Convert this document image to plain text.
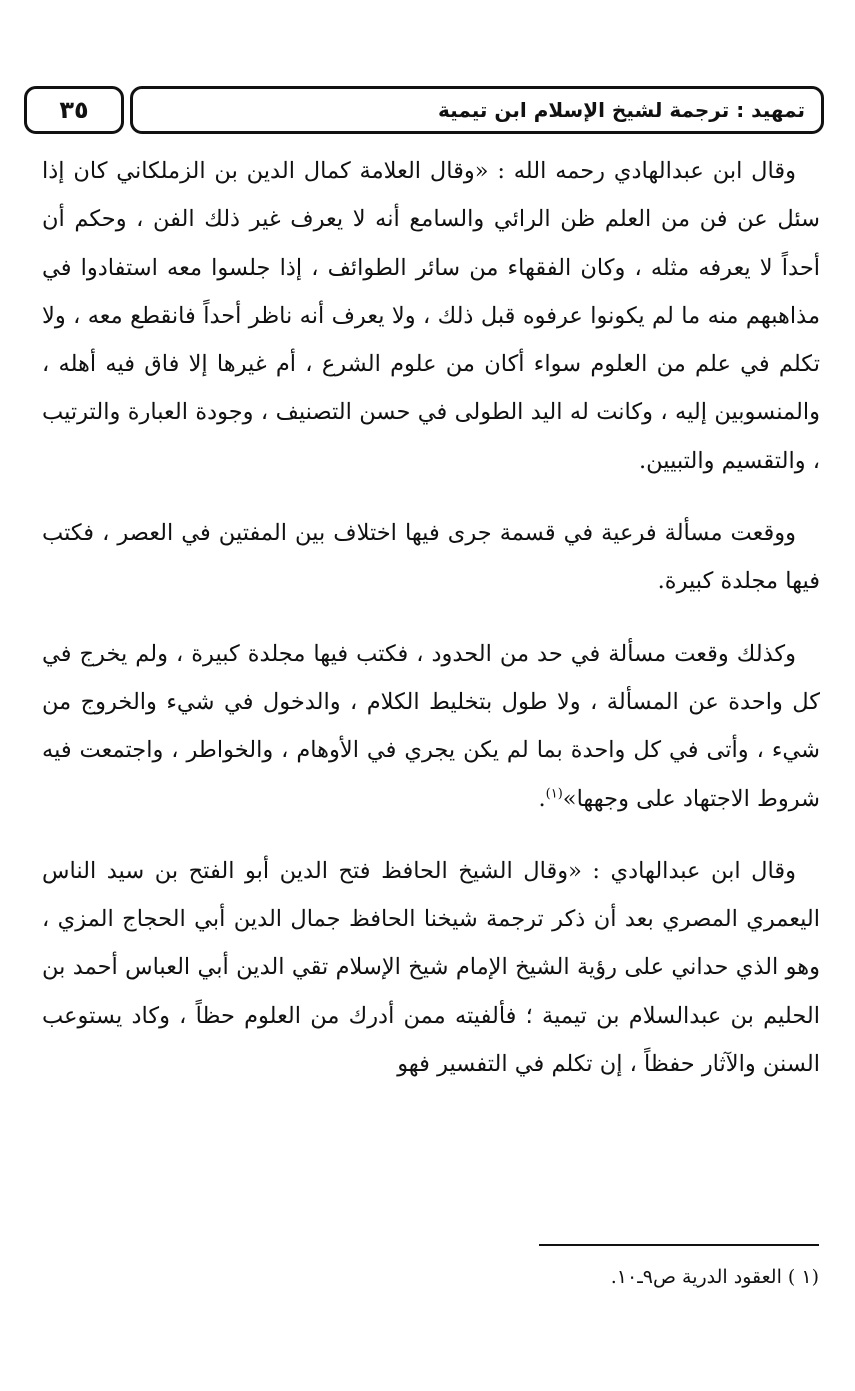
٣٥	تمهيد : ترجمة لشيخ الإسلام ابن تيمية

وقال ابن عبدالهادي رحمه الله : «وقال العلامة كمال الدين بن الزملكاني كان إذا سئل عن فن من العلم ظن الرائي والسامع أنه لا يعرف غير ذلك الفن ، وحكم أن أحداً لا يعرفه مثله ، وكان الفقهاء من سائر الطوائف ، إذا جلسوا معه استفادوا في مذاهبهم منه ما لم يكونوا عرفوه قبل ذلك ، ولا يعرف أنه ناظر أحداً فانقطع معه ، ولا تكلم في علم من العلوم سواء أكان من علوم الشرع ، أم غيرها إلا فاق فيه أهله ، والمنسوبين إليه ، وكانت له اليد الطولى في حسن التصنيف ، وجودة العبارة والترتيب ، والتقسيم والتبيين.

ووقعت مسألة فرعية في قسمة جرى فيها اختلاف بين المفتين في العصر ، فكتب فيها مجلدة كبيرة.

وكذلك وقعت مسألة في حد من الحدود ، فكتب فيها مجلدة كبيرة ، ولم يخرج في كل واحدة عن المسألة ، ولا طول بتخليط الكلام ، والدخول في شيء والخروج من شيء ، وأتى في كل واحدة بما لم يكن يجري في الأوهام ، والخواطر ، واجتمعت فيه شروط الاجتهاد على وجهها»$^{(١)}$.

وقال ابن عبدالهادي : «وقال الشيخ الحافظ فتح الدين أبو الفتح بن سيد الناس اليعمري المصري بعد أن ذكر ترجمة شيخنا الحافظ جمال الدين أبي الحجاج المزي ، وهو الذي حداني على رؤية الشيخ الإمام شيخ الإسلام تقي الدين أبي العباس أحمد بن الحليم بن عبدالسلام بن تيمية ؛ فألفيته ممن أدرك من العلوم حظاً ، وكاد يستوعب السنن والآثار حفظاً ، إن تكلم في التفسير فهو

(١ ) العقود الدرية ص٩ـ١٠.
